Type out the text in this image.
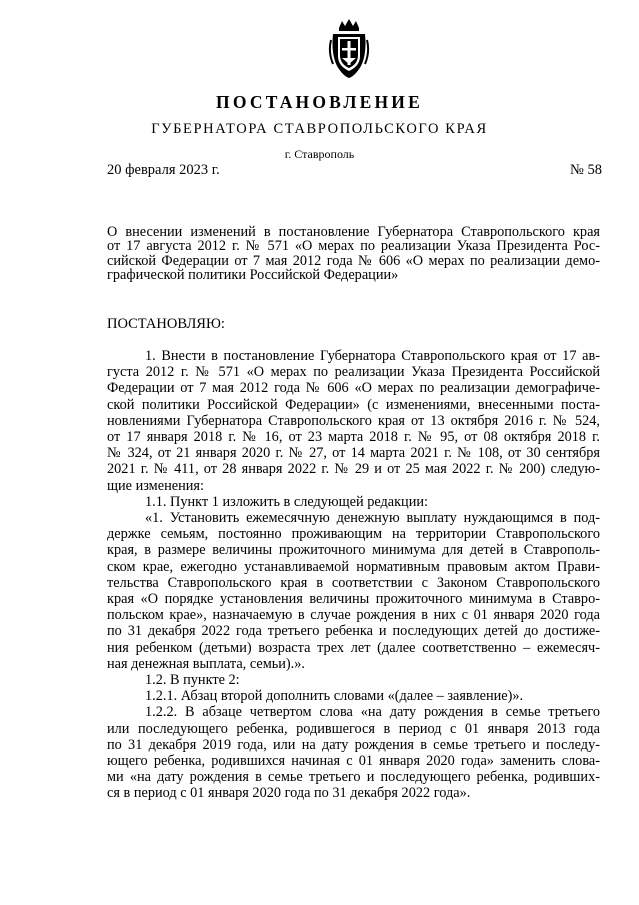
ПОСТАНОВЛЕНИЕ
ГУБЕРНАТОРА СТАВРОПОЛЬСКОГО КРАЯ
г. Ставрополь
20 февраля 2023 г.	№ 58
О внесении изменений в постановление Губернатора Ставропольского края
от 17 августа 2012 г. № 571 «О мерах по реализации Указа Президента Рос-
сийской Федерации от 7 мая 2012 года № 606 «О мерах по реализации демо-
графической политики Российской Федерации»
ПОСТАНОВЛЯЮ:
1. Внести в постановление Губернатора Ставропольского края от 17 ав-
густа 2012 г. № 571 «О мерах по реализации Указа Президента Российской
Федерации от 7 мая 2012 года № 606 «О мерах по реализации демографиче-
ской политики Российской Федерации» (с изменениями, внесенными поста-
новлениями Губернатора Ставропольского края от 13 октября 2016 г. № 524,
от 17 января 2018 г. № 16, от 23 марта 2018 г. № 95, от 08 октября 2018 г.
№ 324, от 21 января 2020 г. № 27, от 14 марта 2021 г. № 108, от 30 сентября
2021 г. № 411, от 28 января 2022 г. № 29 и от 25 мая 2022 г. № 200) следую-
щие изменения:
1.1. Пункт 1 изложить в следующей редакции:
«1. Установить ежемесячную денежную выплату нуждающимся в под-
держке семьям, постоянно проживающим на территории Ставропольского
края, в размере величины прожиточного минимума для детей в Ставрополь-
ском крае, ежегодно устанавливаемой нормативным правовым актом Прави-
тельства Ставропольского края в соответствии с Законом Ставропольского
края «О порядке установления величины прожиточного минимума в Ставро-
польском крае», назначаемую в случае рождения в них с 01 января 2020 года
по 31 декабря 2022 года третьего ребенка и последующих детей до достиже-
ния ребенком (детьми) возраста трех лет (далее соответственно – ежемесяч-
ная денежная выплата, семьи).».
1.2. В пункте 2:
1.2.1. Абзац второй дополнить словами «(далее – заявление)».
1.2.2. В абзаце четвертом слова «на дату рождения в семье третьего
или последующего ребенка, родившегося в период с 01 января 2013 года
по 31 декабря 2019 года, или на дату рождения в семье третьего и последу-
ющего ребенка, родившихся начиная с 01 января 2020 года» заменить слова-
ми «на дату рождения в семье третьего и последующего ребенка, родивших-
ся в период с 01 января 2020 года по 31 декабря 2022 года».
